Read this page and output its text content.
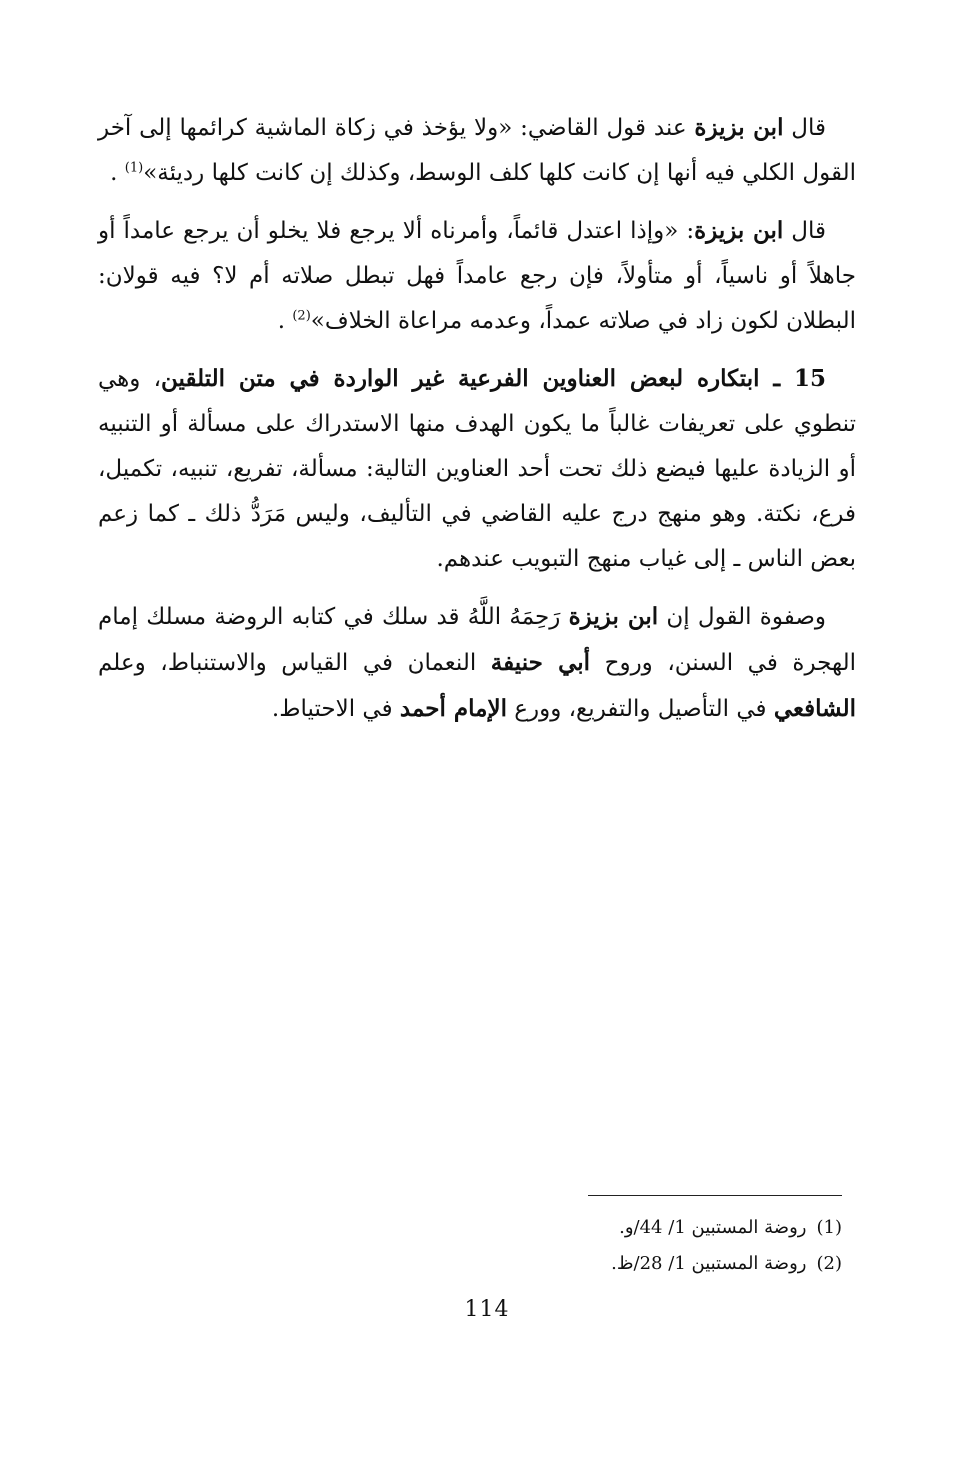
قال ابن بزيزة عند قول القاضي: «ولا يؤخذ في زكاة الماشية كرائمها إلى آخر القول الكلي فيه أنها إن كانت كلها كلف الوسط، وكذلك إن كانت كلها رديئة»$^{(1)}$ .

قال ابن بزيزة: «وإذا اعتدل قائماً، وأمرناه ألا يرجع فلا يخلو أن يرجع عامداً أو جاهلاً أو ناسياً، أو متأولاً، فإن رجع عامداً فهل تبطل صلاته أم لا؟ فيه قولان: البطلان لكون زاد في صلاته عمداً، وعدمه مراعاة الخلاف»$^{(2)}$ .

15 ـ ابتكاره لبعض العناوين الفرعية غير الواردة في متن التلقين، وهي تنطوي على تعريفات غالباً ما يكون الهدف منها الاستدراك على مسألة أو التنبيه أو الزيادة عليها فيضع ذلك تحت أحد العناوين التالية: مسألة، تفريع، تنبيه، تكميل، فرع، نكتة. وهو منهج درج عليه القاضي في التأليف، وليس مَرَدُّ ذلك ـ كما زعم بعض الناس ـ إلى غياب منهج التبويب عندهم.

وصفوة القول إن ابن بزيزة رَحِمَهُ اللَّهُ قد سلك في كتابه الروضة مسلك إمام الهجرة في السنن، وروح أبي حنيفة النعمان في القياس والاستنباط، وعلم الشافعي في التأصيل والتفريع، وورع الإمام أحمد في الاحتياط.

(1)روضة المستبين 1/ 44/و.
(2)روضة المستبين 1/ 28/ظ.
114
